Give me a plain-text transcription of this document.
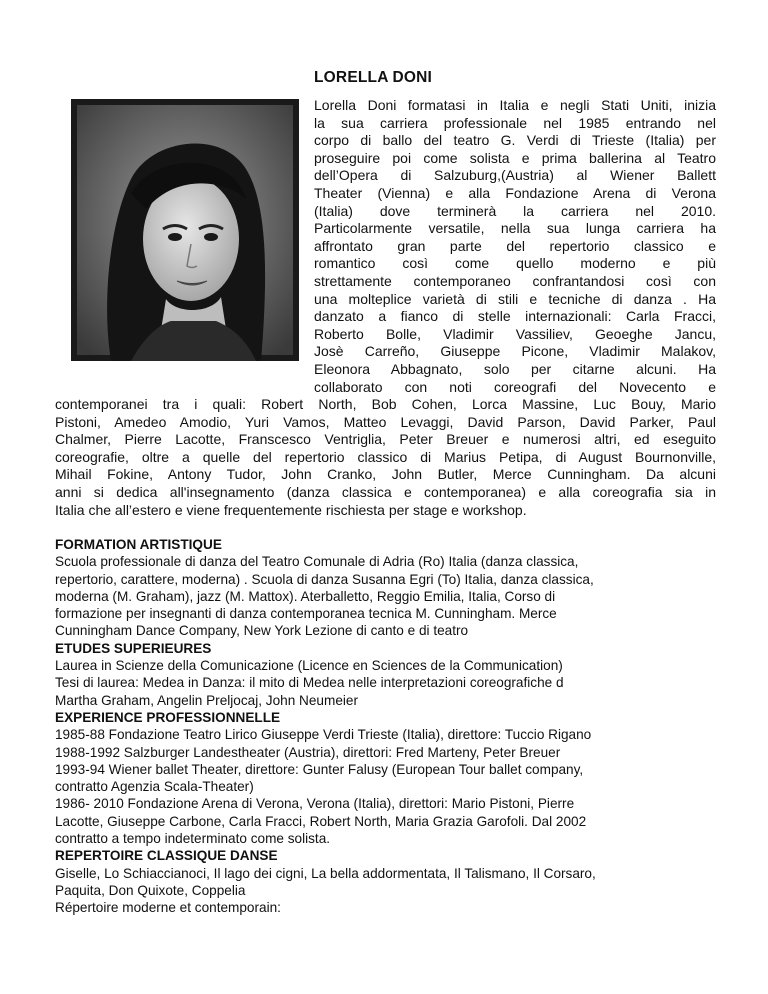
LORELLA DONI
Lorella Doni formatasi in Italia e negli Stati Uniti, inizia
la sua carriera professionale nel 1985 entrando nel
corpo di ballo del teatro G. Verdi di Trieste (Italia) per
proseguire poi come solista e prima ballerina al Teatro
dell’Opera di Salzuburg,(Austria) al Wiener Ballett
Theater (Vienna) e alla Fondazione Arena di Verona
(Italia) dove terminerà la carriera nel 2010.
Particolarmente versatile, nella sua lunga carriera ha
affrontato gran parte del repertorio classico e
romantico così come quello moderno e più
strettamente contemporaneo confrantandosi così con
una molteplice varietà di stili e tecniche di danza . Ha
danzato a fianco di stelle internazionali: Carla Fracci,
Roberto Bolle, Vladimir Vassiliev, Geoeghe Jancu,
Josè Carreño, Giuseppe Picone, Vladimir Malakov,
Eleonora Abbagnato, solo per citarne alcuni. Ha
collaborato con noti coreografi del Novecento e
contemporanei tra i quali: Robert North, Bob Cohen, Lorca Massine, Luc Bouy, Mario
Pistoni, Amedeo Amodio, Yuri Vamos, Matteo Levaggi, David Parson, David Parker, Paul
Chalmer, Pierre Lacotte, Franscesco Ventriglia, Peter Breuer e numerosi altri, ed eseguito
coreografie, oltre a quelle del repertorio classico di Marius Petipa, di August Bournonville,
Mihail Fokine, Antony Tudor, John Cranko, John Butler, Merce Cunningham. Da alcuni
anni si dedica all'insegnamento (danza classica e contemporanea) e alla coreografia sia in
Italia che all’estero e viene frequentemente rischiesta per stage e workshop.
FORMATION ARTISTIQUE
Scuola professionale di danza del Teatro Comunale di Adria (Ro) Italia (danza classica,
repertorio, carattere, moderna) . Scuola di danza Susanna Egri (To) Italia, danza classica,
moderna (M. Graham), jazz (M. Mattox). Aterballetto, Reggio Emilia, Italia, Corso di
formazione per insegnanti di danza contemporanea tecnica M. Cunningham. Merce
Cunningham Dance Company, New York Lezione di canto e di teatro
ETUDES SUPERIEURES
Laurea in Scienze della Comunicazione (Licence en Sciences de la Communication)
Tesi di laurea: Medea in Danza: il mito di Medea nelle interpretazioni coreografiche d
Martha Graham, Angelin Preljocaj, John Neumeier
EXPERIENCE PROFESSIONNELLE
1985-88 Fondazione Teatro Lirico Giuseppe Verdi Trieste (Italia), direttore: Tuccio Rigano
1988-1992 Salzburger Landestheater (Austria), direttori: Fred Marteny, Peter Breuer
1993-94 Wiener ballet Theater, direttore: Gunter Falusy (European Tour ballet company,
contratto Agenzia Scala-Theater)
1986- 2010 Fondazione Arena di Verona, Verona (Italia), direttori: Mario Pistoni, Pierre
Lacotte, Giuseppe Carbone, Carla Fracci, Robert North, Maria Grazia Garofoli. Dal 2002
contratto a tempo indeterminato come solista.
REPERTOIRE CLASSIQUE DANSE
Giselle, Lo Schiaccianoci, Il lago dei cigni, La bella addormentata, Il Talismano, Il Corsaro,
Paquita, Don Quixote, Coppelia
Répertoire moderne et contemporain:
